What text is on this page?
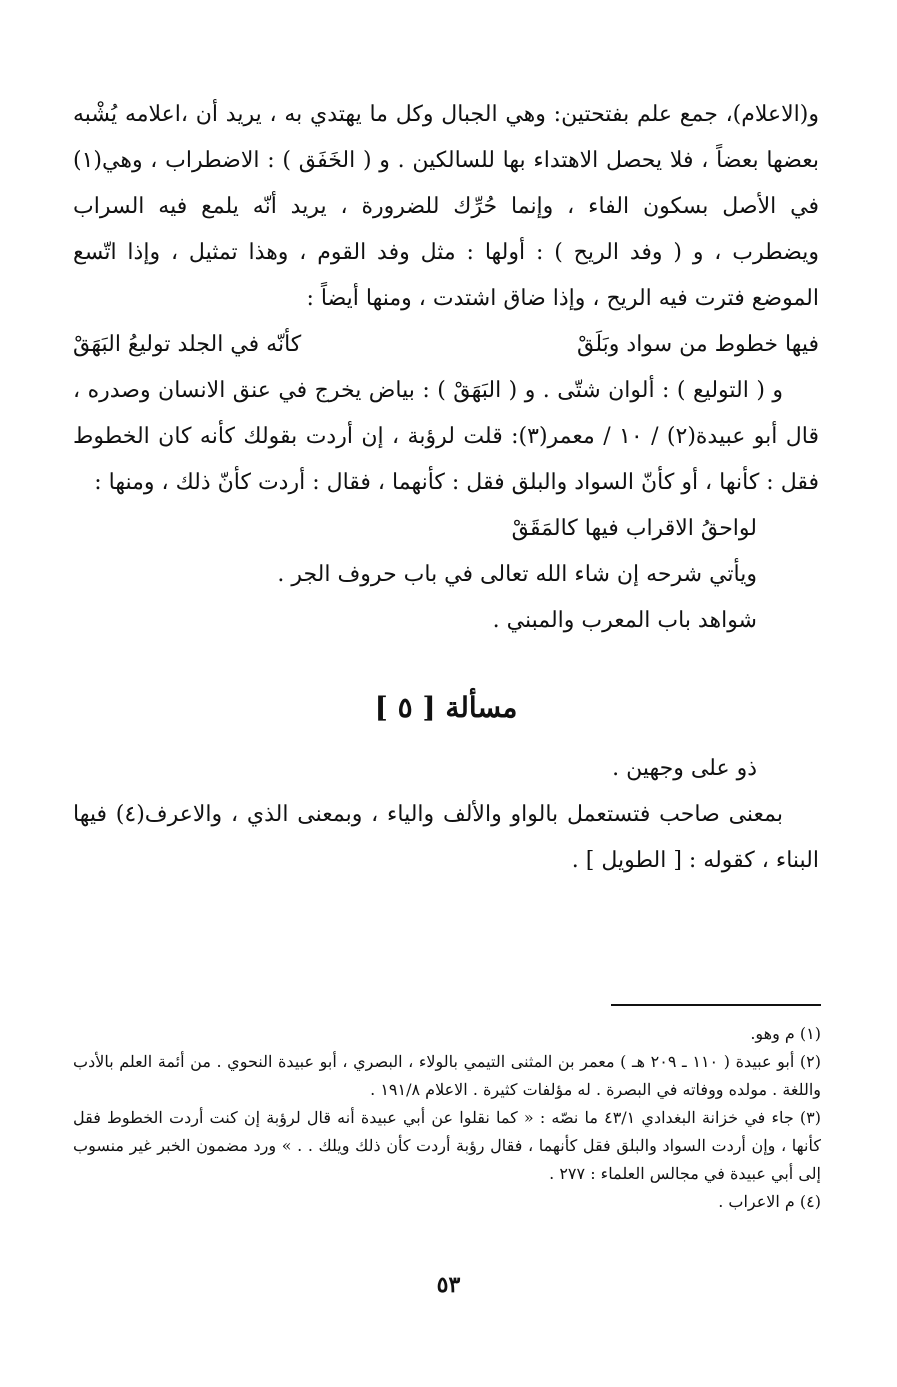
و(الاعلام)، جمع علم بفتحتين: وهي الجبال وكل ما يهتدي به ، يريد أن ،اعلامه يُشْبه بعضها بعضاً ، فلا يحصل الاهتداء بها للسالكين . و ( الخَفَق ) : الاضطراب ، وهي(١) في الأصل بسكون الفاء ، وإنما حُرِّك للضرورة ، يريد أنّه يلمع فيه السراب ويضطرب ، و ( وفد الريح ) : أولها : مثل وفد القوم ، وهذا تمثيل ، وإذا اتّسع الموضع فترت فيه الريح ، وإذا ضاق اشتدت ، ومنها أيضاً :

فيها خطوط من سواد وبَلَقْ
كأنّه في الجلد توليعُ البَهَقْ

و ( التوليع ) : ألوان شتّى . و ( البَهَقْ ) : بياض يخرج في عنق الانسان وصدره ، قال أبو عبيدة(٢) / ١٠ / معمر(٣): قلت لرؤبة ، إن أردت بقولك كأنه كان الخطوط فقل : كأنها ، أو كأنّ السواد والبلق فقل : كأنهما ، فقال : أردت كأنّ ذلك ، ومنها :

لواحقُ الاقراب فيها كالمَقَقْ

ويأتي شرحه إن شاء الله تعالى في باب حروف الجر .

شواهد باب المعرب والمبني .

مسألة [ ٥ ]

ذو على وجهين .

بمعنى صاحب فتستعمل بالواو والألف والياء ، وبمعنى الذي ، والاعرف(٤) فيها البناء ، كقوله : [ الطويل ] .

(١) م وهو.

(٢) أبو عبيدة ( ١١٠ ـ ٢٠٩ هـ ) معمر بن المثنى التيمي بالولاء ، البصري ، أبو عبيدة النحوي . من أئمة العلم بالأدب واللغة . مولده ووفاته في البصرة . له مؤلفات كثيرة . الاعلام ١٩١/٨ .

(٣) جاء في خزانة البغدادي ٤٣/١ ما نصّه : « كما نقلوا عن أبي عبيدة أنه قال لرؤبة إن كنت أردت الخطوط فقل كأنها ، وإن أردت السواد والبلق فقل كأنهما ، فقال رؤبة أردت كأن ذلك ويلك . . » ورد مضمون الخبر غير منسوب إلى أبي عبيدة في مجالس العلماء : ٢٧٧ .

(٤) م الاعراب .

٥٣
